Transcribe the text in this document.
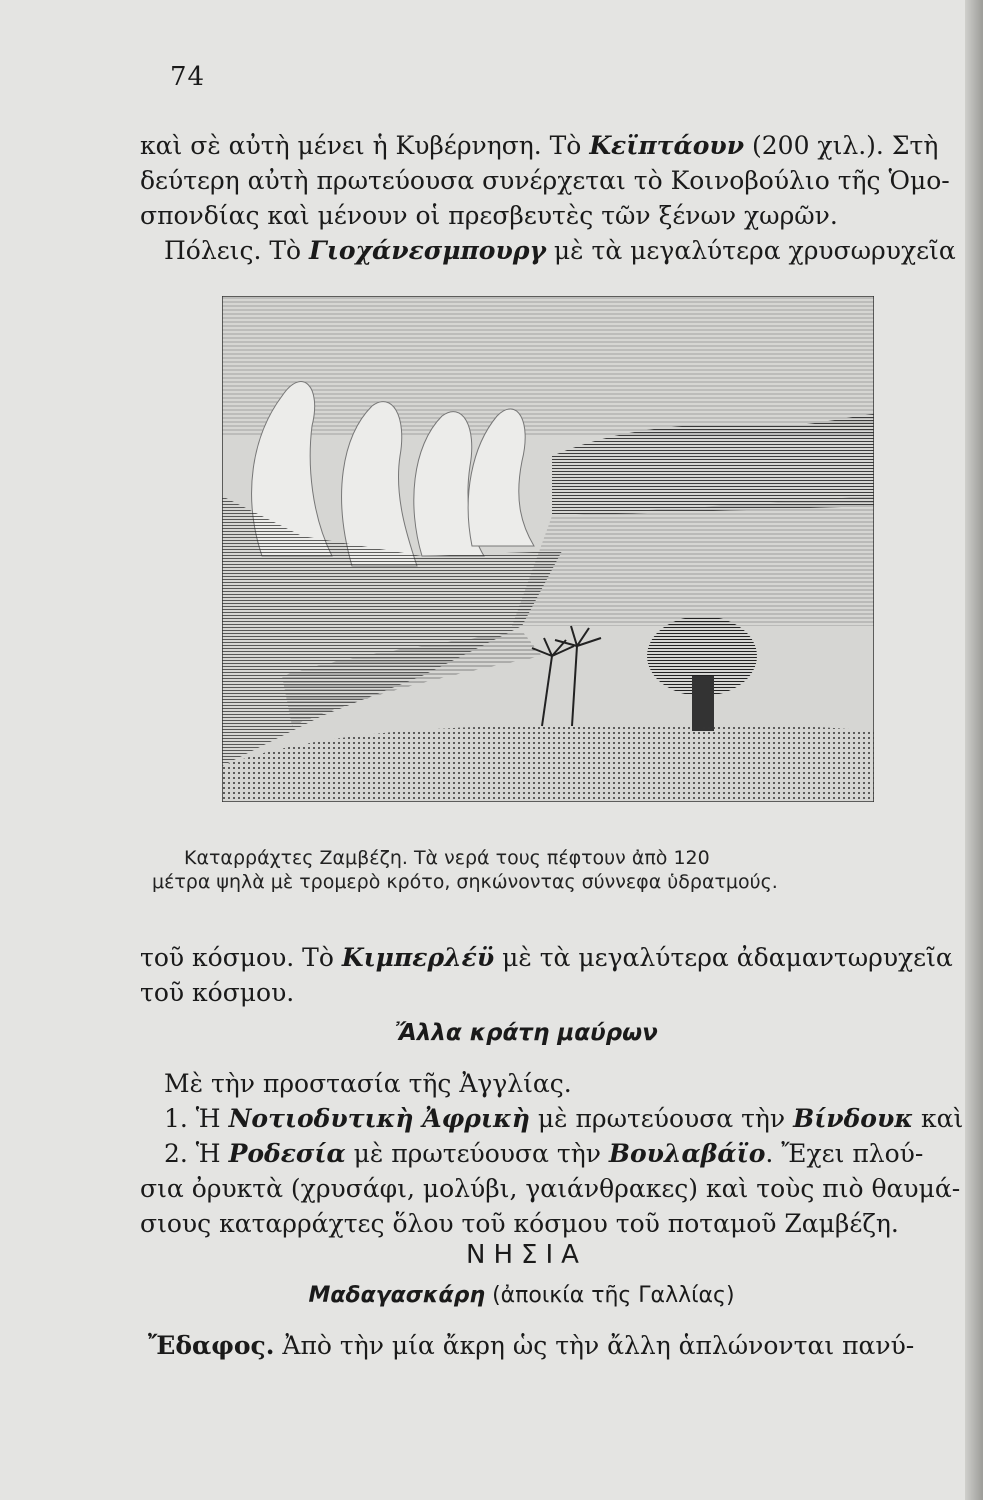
74
καὶ σὲ αὐτὴ μένει ἡ Κυβέρνηση. Τὸ Κεϊπτάουν (200 χιλ.). Στὴ
δεύτερη αὐτὴ πρωτεύουσα συνέρχεται τὸ Κοινοβούλιο τῆς Ὁμο-
σπονδίας καὶ μένουν οἱ πρεσβευτὲς τῶν ξένων χωρῶν.
Πόλεις. Τὸ Γιοχάνεσμπουργ μὲ τὰ μεγαλύτερα χρυσωρυχεῖα
Καταρράχτες Ζαμβέζη. Τὰ νερά τους πέφτουν ἀπὸ 120
μέτρα ψηλὰ μὲ τρομερὸ κρότο, σηκώνοντας σύννεφα ὑδρατμούς.
τοῦ κόσμου. Τὸ Κιμπερλέϋ μὲ τὰ μεγαλύτερα ἀδαμαντωρυχεῖα
τοῦ κόσμου.
Ἄλλα κράτη μαύρων
Μὲ τὴν προστασία τῆς Ἀγγλίας.
1. Ἡ Νοτιοδυτικὴ Ἀφρικὴ μὲ πρωτεύουσα τὴν Βίνδουκ καὶ
2. Ἡ Ροδεσία μὲ πρωτεύουσα τὴν Βουλαβάϊο. Ἔχει πλού-
σια ὀρυκτὰ (χρυσάφι, μολύβι, γαιάνθρακες) καὶ τοὺς πιὸ θαυμά-
σιους καταρράχτες ὅλου τοῦ κόσμου τοῦ ποταμοῦ Ζαμβέζη.
ΝΗΣΙΑ
Μαδαγασκάρη (ἀποικία τῆς Γαλλίας)
Ἔδαφος. Ἀπὸ τὴν μία ἄκρη ὡς τὴν ἄλλη ἁπλώνονται πανύ-
